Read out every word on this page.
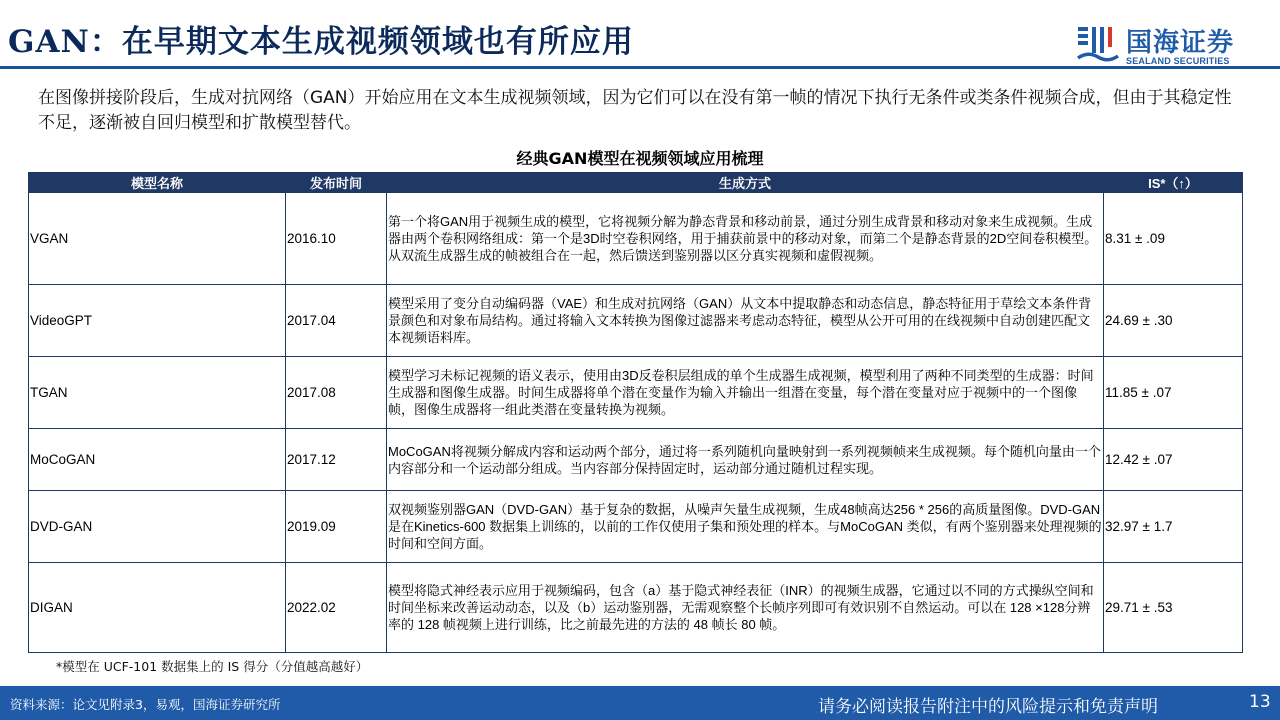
GAN：在早期文本生成视频领域也有所应用	国海证券
SEALAND SECURITIES
在图像拼接阶段后，生成对抗网络（GAN）开始应用在文本生成视频领域，因为它们可以在没有第一帧的情况下执行无条件或类条件视频合成，但由于其稳定性不足，逐渐被自回归模型和扩散模型替代。
经典GAN模型在视频领域应用梳理
模型名称	发布时间	生成方式	IS*（↑）
VGAN	2016.10	第一个将GAN用于视频生成的模型，它将视频分解为静态背景和移动前景，通过分别生成背景和移动对象来生成视频。生成器由两个卷积网络组成：第一个是3D时空卷积网络，用于捕获前景中的移动对象，而第二个是静态背景的2D空间卷积模型。从双流生成器生成的帧被组合在一起，然后馈送到鉴别器以区分真实视频和虚假视频。	8.31 ± .09
VideoGPT	2017.04	模型采用了变分自动编码器（VAE）和生成对抗网络（GAN）从文本中提取静态和动态信息，静态特征用于草绘文本条件背景颜色和对象布局结构。通过将输入文本转换为图像过滤器来考虑动态特征，模型从公开可用的在线视频中自动创建匹配文本视频语料库。	24.69 ± .30
TGAN	2017.08	模型学习未标记视频的语义表示，使用由3D反卷积层组成的单个生成器生成视频，模型利用了两种不同类型的生成器：时间生成器和图像生成器。时间生成器将单个潜在变量作为输入并输出一组潜在变量，每个潜在变量对应于视频中的一个图像帧，图像生成器将一组此类潜在变量转换为视频。	11.85 ± .07
MoCoGAN	2017.12	MoCoGAN将视频分解成内容和运动两个部分，通过将一系列随机向量映射到一系列视频帧来生成视频。每个随机向量由一个内容部分和一个运动部分组成。当内容部分保持固定时，运动部分通过随机过程实现。	12.42 ± .07
DVD-GAN	2019.09	双视频鉴别器GAN（DVD-GAN）基于复杂的数据，从噪声矢量生成视频，生成48帧高达256 * 256的高质量图像。DVD-GAN是在Kinetics-600 数据集上训练的，以前的工作仅使用子集和预处理的样本。与MoCoGAN 类似，有两个鉴别器来处理视频的时间和空间方面。	32.97 ± 1.7
DIGAN	2022.02	模型将隐式神经表示应用于视频编码，包含（a）基于隐式神经表征（INR）的视频生成器，它通过以不同的方式操纵空间和时间坐标来改善运动动态，以及（b）运动鉴别器，无需观察整个长帧序列即可有效识别不自然运动。可以在 128 ×128分辨率的 128 帧视频上进行训练，比之前最先进的方法的 48 帧长 80 帧。	29.71 ± .53
*模型在 UCF-101 数据集上的 IS 得分（分值越高越好）
资料来源：论文见附录3，易观，国海证券研究所	请务必阅读报告附注中的风险提示和免责声明	13
